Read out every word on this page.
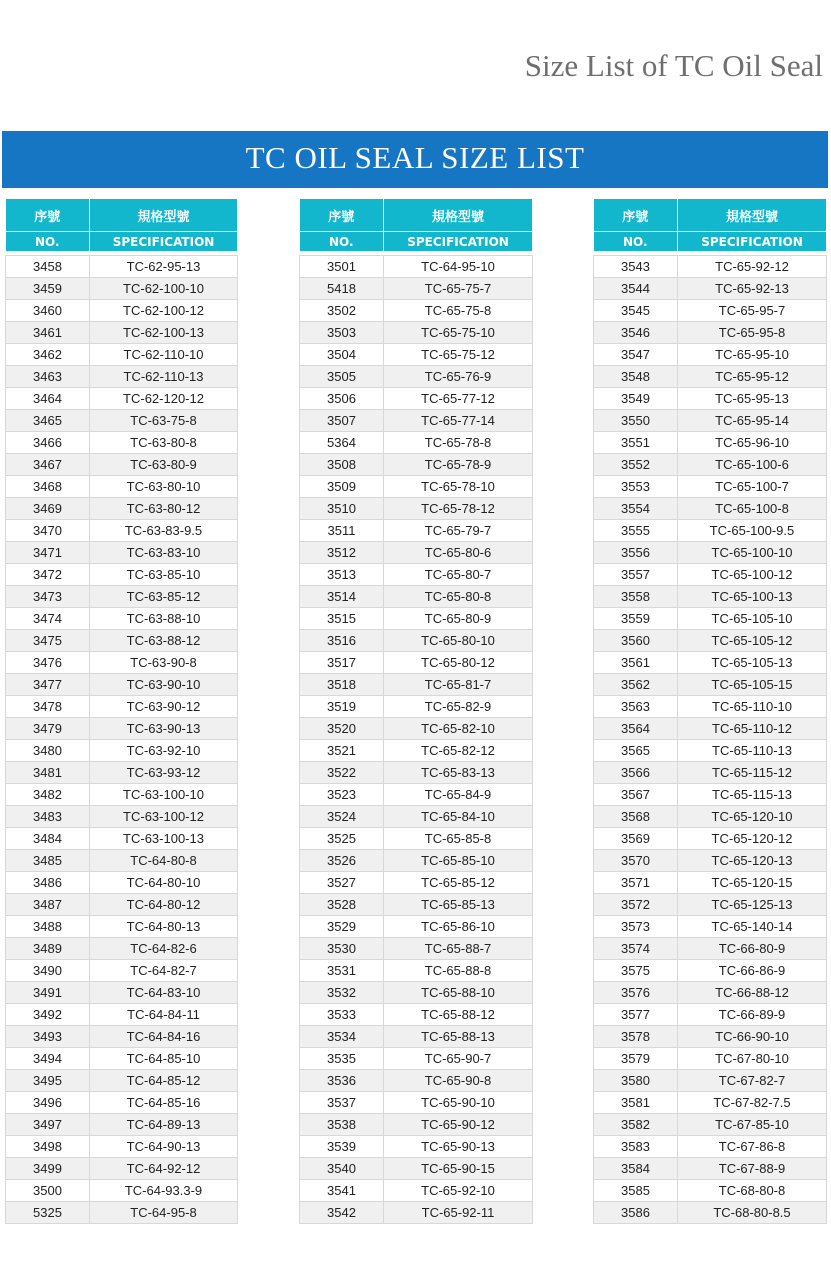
Size List of TC Oil Seal
TC OIL SEAL SIZE LIST
序號	規格型號
NO.	SPECIFICATION

3458	TC-62-95-13
3459	TC-62-100-10
3460	TC-62-100-12
3461	TC-62-100-13
3462	TC-62-110-10
3463	TC-62-110-13
3464	TC-62-120-12
3465	TC-63-75-8
3466	TC-63-80-8
3467	TC-63-80-9
3468	TC-63-80-10
3469	TC-63-80-12
3470	TC-63-83-9.5
3471	TC-63-83-10
3472	TC-63-85-10
3473	TC-63-85-12
3474	TC-63-88-10
3475	TC-63-88-12
3476	TC-63-90-8
3477	TC-63-90-10
3478	TC-63-90-12
3479	TC-63-90-13
3480	TC-63-92-10
3481	TC-63-93-12
3482	TC-63-100-10
3483	TC-63-100-12
3484	TC-63-100-13
3485	TC-64-80-8
3486	TC-64-80-10
3487	TC-64-80-12
3488	TC-64-80-13
3489	TC-64-82-6
3490	TC-64-82-7
3491	TC-64-83-10
3492	TC-64-84-11
3493	TC-64-84-16
3494	TC-64-85-10
3495	TC-64-85-12
3496	TC-64-85-16
3497	TC-64-89-13
3498	TC-64-90-13
3499	TC-64-92-12
3500	TC-64-93.3-9
5325	TC-64-95-8
序號	規格型號
NO.	SPECIFICATION

3501	TC-64-95-10
5418	TC-65-75-7
3502	TC-65-75-8
3503	TC-65-75-10
3504	TC-65-75-12
3505	TC-65-76-9
3506	TC-65-77-12
3507	TC-65-77-14
5364	TC-65-78-8
3508	TC-65-78-9
3509	TC-65-78-10
3510	TC-65-78-12
3511	TC-65-79-7
3512	TC-65-80-6
3513	TC-65-80-7
3514	TC-65-80-8
3515	TC-65-80-9
3516	TC-65-80-10
3517	TC-65-80-12
3518	TC-65-81-7
3519	TC-65-82-9
3520	TC-65-82-10
3521	TC-65-82-12
3522	TC-65-83-13
3523	TC-65-84-9
3524	TC-65-84-10
3525	TC-65-85-8
3526	TC-65-85-10
3527	TC-65-85-12
3528	TC-65-85-13
3529	TC-65-86-10
3530	TC-65-88-7
3531	TC-65-88-8
3532	TC-65-88-10
3533	TC-65-88-12
3534	TC-65-88-13
3535	TC-65-90-7
3536	TC-65-90-8
3537	TC-65-90-10
3538	TC-65-90-12
3539	TC-65-90-13
3540	TC-65-90-15
3541	TC-65-92-10
3542	TC-65-92-11
序號	規格型號
NO.	SPECIFICATION

3543	TC-65-92-12
3544	TC-65-92-13
3545	TC-65-95-7
3546	TC-65-95-8
3547	TC-65-95-10
3548	TC-65-95-12
3549	TC-65-95-13
3550	TC-65-95-14
3551	TC-65-96-10
3552	TC-65-100-6
3553	TC-65-100-7
3554	TC-65-100-8
3555	TC-65-100-9.5
3556	TC-65-100-10
3557	TC-65-100-12
3558	TC-65-100-13
3559	TC-65-105-10
3560	TC-65-105-12
3561	TC-65-105-13
3562	TC-65-105-15
3563	TC-65-110-10
3564	TC-65-110-12
3565	TC-65-110-13
3566	TC-65-115-12
3567	TC-65-115-13
3568	TC-65-120-10
3569	TC-65-120-12
3570	TC-65-120-13
3571	TC-65-120-15
3572	TC-65-125-13
3573	TC-65-140-14
3574	TC-66-80-9
3575	TC-66-86-9
3576	TC-66-88-12
3577	TC-66-89-9
3578	TC-66-90-10
3579	TC-67-80-10
3580	TC-67-82-7
3581	TC-67-82-7.5
3582	TC-67-85-10
3583	TC-67-86-8
3584	TC-67-88-9
3585	TC-68-80-8
3586	TC-68-80-8.5
